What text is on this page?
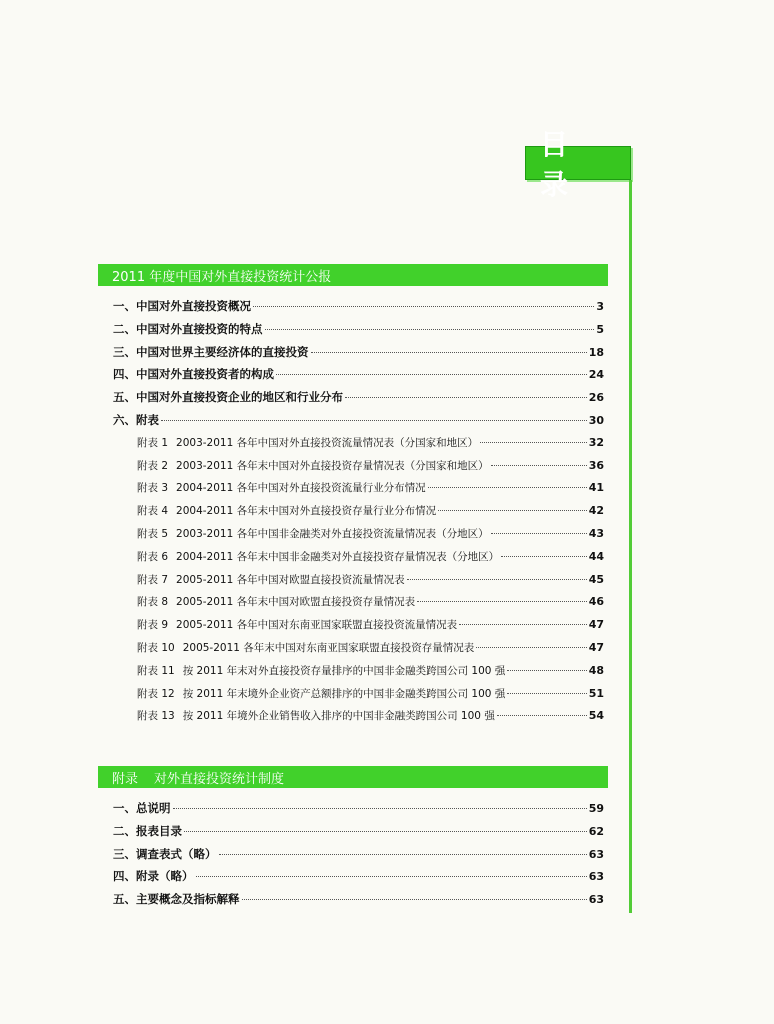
目 录
2011 年度中国对外直接投资统计公报
一、中国对外直接投资概况	3
二、中国对外直接投资的特点	5
三、中国对世界主要经济体的直接投资	18
四、中国对外直接投资者的构成	24
五、中国对外直接投资企业的地区和行业分布	26
六、附表	30
附表 1 2003-2011 各年中国对外直接投资流量情况表（分国家和地区）	32
附表 2 2003-2011 各年末中国对外直接投资存量情况表（分国家和地区）	36
附表 3 2004-2011 各年中国对外直接投资流量行业分布情况	41
附表 4 2004-2011 各年末中国对外直接投资存量行业分布情况	42
附表 5 2003-2011 各年中国非金融类对外直接投资流量情况表（分地区）	43
附表 6 2004-2011 各年末中国非金融类对外直接投资存量情况表（分地区）	44
附表 7 2005-2011 各年中国对欧盟直接投资流量情况表	45
附表 8 2005-2011 各年末中国对欧盟直接投资存量情况表	46
附表 9 2005-2011 各年中国对东南亚国家联盟直接投资流量情况表	47
附表 10 2005-2011 各年末中国对东南亚国家联盟直接投资存量情况表	47
附表 11 按 2011 年末对外直接投资存量排序的中国非金融类跨国公司 100 强	48
附表 12 按 2011 年末境外企业资产总额排序的中国非金融类跨国公司 100 强	51
附表 13 按 2011 年境外企业销售收入排序的中国非金融类跨国公司 100 强	54
附录 对外直接投资统计制度
一、总说明	59
二、报表目录	62
三、调查表式（略）	63
四、附录（略）	63
五、主要概念及指标解释	63
